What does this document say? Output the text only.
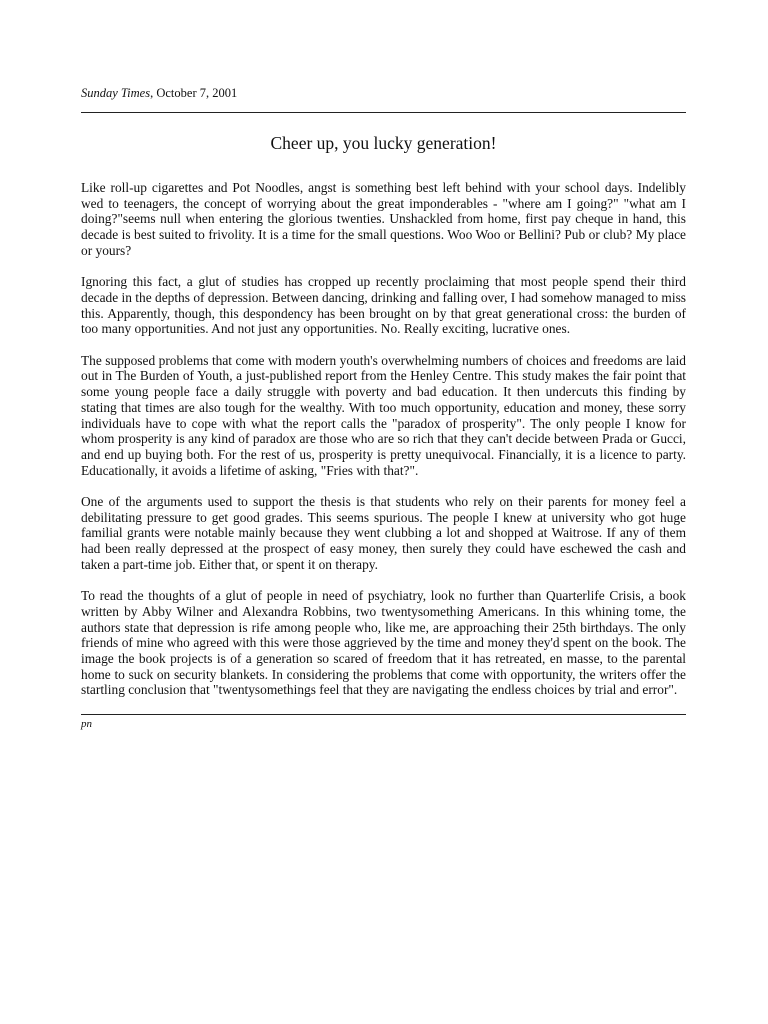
Sunday Times, October 7, 2001

Cheer up, you lucky generation!

Like roll-up cigarettes and Pot Noodles, angst is something best left behind with your school days. Indelibly wed to teenagers, the concept of worrying about the great imponderables - "where am I going?" "what am I doing?"seems null when entering the glorious twenties. Unshackled from home, first pay cheque in hand, this decade is best suited to frivolity. It is a time for the small questions. Woo Woo or Bellini? Pub or club? My place or yours?

Ignoring this fact, a glut of studies has cropped up recently proclaiming that most people spend their third decade in the depths of depression. Between dancing, drinking and falling over, I had somehow managed to miss this. Apparently, though, this despondency has been brought on by that great generational cross: the burden of too many opportunities. And not just any opportunities. No. Really exciting, lucrative ones.

The supposed problems that come with modern youth's overwhelming numbers of choices and freedoms are laid out in The Burden of Youth, a just-published report from the Henley Centre. This study makes the fair point that some young people face a daily struggle with poverty and bad education. It then undercuts this finding by stating that times are also tough for the wealthy. With too much opportunity, education and money, these sorry individuals have to cope with what the report calls the "paradox of prosperity". The only people I know for whom prosperity is any kind of paradox are those who are so rich that they can't decide between Prada or Gucci, and end up buying both. For the rest of us, prosperity is pretty unequivocal. Financially, it is a licence to party. Educationally, it avoids a lifetime of asking, "Fries with that?".

One of the arguments used to support the thesis is that students who rely on their parents for money feel a debilitating pressure to get good grades. This seems spurious. The people I knew at university who got huge familial grants were notable mainly because they went clubbing a lot and shopped at Waitrose. If any of them had been really depressed at the prospect of easy money, then surely they could have eschewed the cash and taken a part-time job. Either that, or spent it on therapy.

To read the thoughts of a glut of people in need of psychiatry, look no further than Quarterlife Crisis, a book written by Abby Wilner and Alexandra Robbins, two twentysomething Americans. In this whining tome, the authors state that depression is rife among people who, like me, are approaching their 25th birthdays. The only friends of mine who agreed with this were those aggrieved by the time and money they'd spent on the book. The image the book projects is of a generation so scared of freedom that it has retreated, en masse, to the parental home to suck on security blankets. In considering the problems that come with opportunity, the writers offer the startling conclusion that "twentysomethings feel that they are navigating the endless choices by trial and error".

pn
